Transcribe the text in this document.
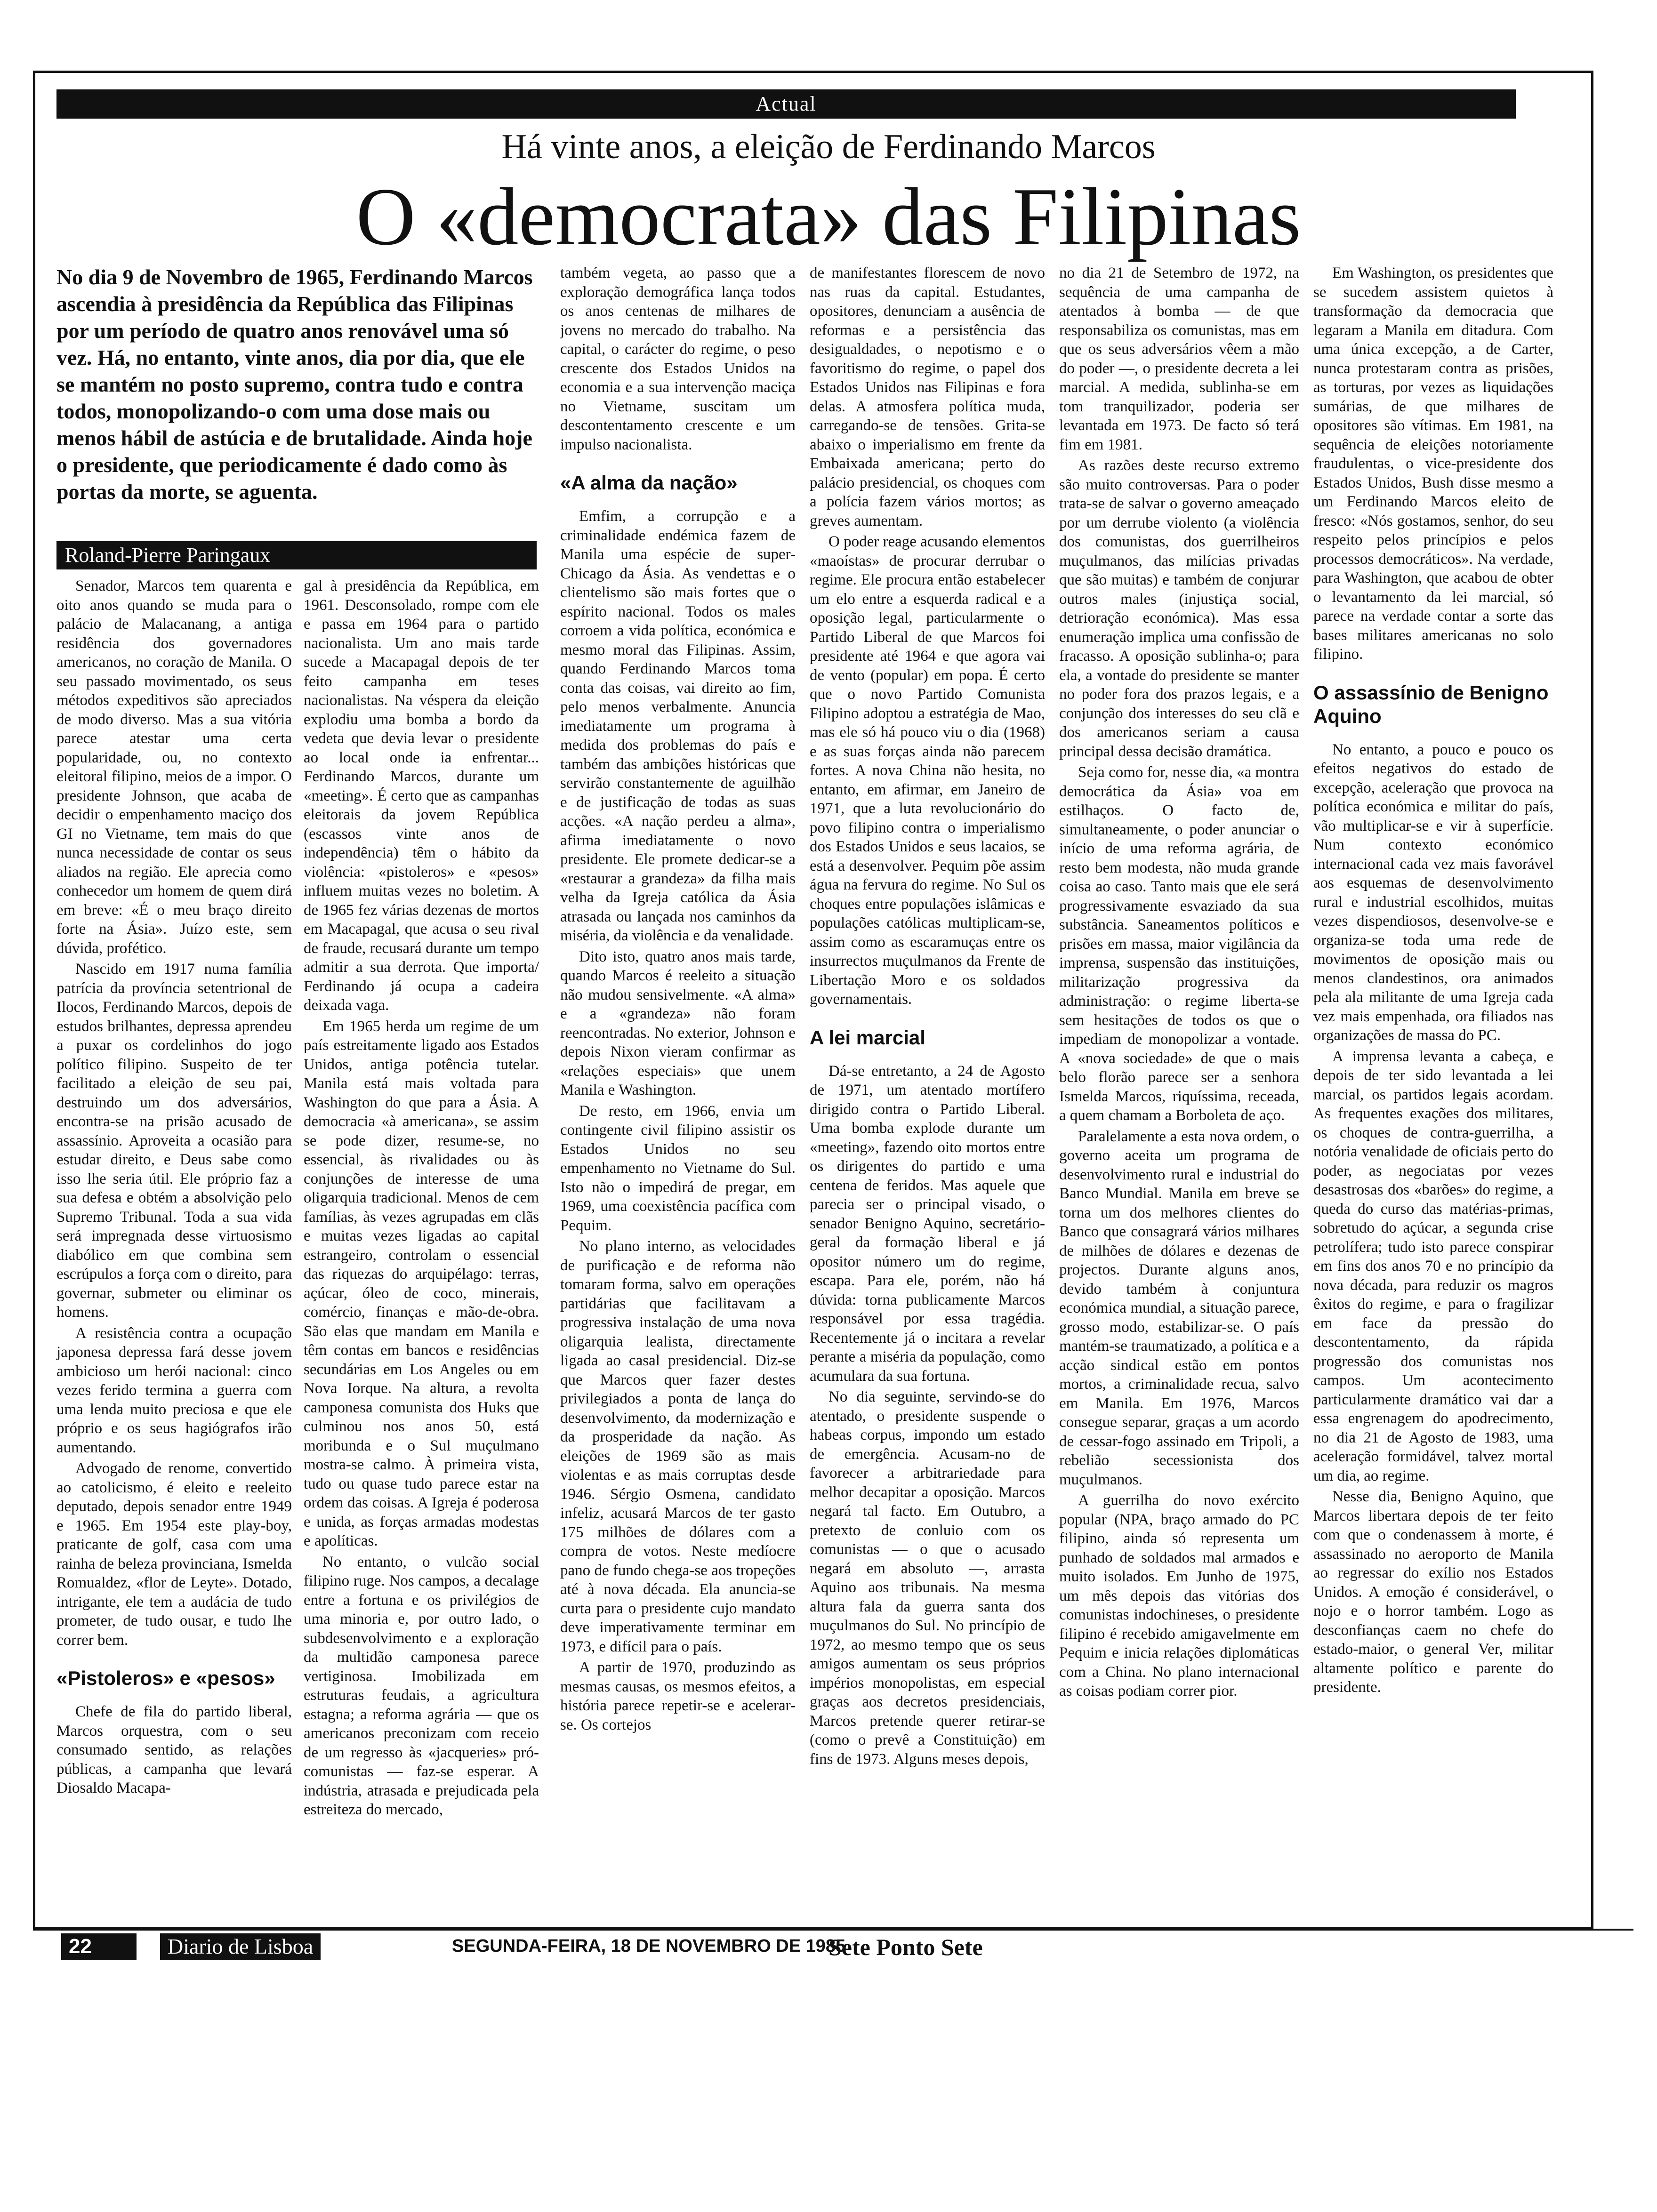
Actual
Há vinte anos, a eleição de Ferdinando Marcos
O «democrata» das Filipinas
No dia 9 de Novembro de 1965, Ferdinando Marcos ascendia à presidência da República das Filipinas por um período de quatro anos renovável uma só vez. Há, no entanto, vinte anos, dia por dia, que ele se mantém no posto supremo, contra tudo e contra todos, monopolizando-o com uma dose mais ou menos hábil de astúcia e de brutalidade. Ainda hoje o presidente, que periodicamente é dado como às portas da morte, se aguenta.
Roland-Pierre Paringaux

Senador, Marcos tem quarenta e oito anos quando se muda para o palácio de Malacanang, a antiga residência dos governadores americanos, no coração de Manila. O seu passado movimentado, os seus métodos expeditivos são apreciados de modo diverso. Mas a sua vitória parece atestar uma certa popularidade, ou, no contexto eleitoral filipino, meios de a impor. O presidente Johnson, que acaba de decidir o empenhamento maciço dos GI no Vietname, tem mais do que nunca necessidade de contar os seus aliados na região. Ele aprecia como conhecedor um homem de quem dirá em breve: «É o meu braço direito forte na Ásia». Juízo este, sem dúvida, profético.

Nascido em 1917 numa família patrícia da província setentrional de Ilocos, Ferdinando Marcos, depois de estudos brilhantes, depressa aprendeu a puxar os cordelinhos do jogo político filipino. Suspeito de ter facilitado a eleição de seu pai, destruindo um dos adversários, encontra-se na prisão acusado de assassínio. Aproveita a ocasião para estudar direito, e Deus sabe como isso lhe seria útil. Ele próprio faz a sua defesa e obtém a absolvição pelo Supremo Tribunal. Toda a sua vida será impregnada desse virtuosismo diabólico em que combina sem escrúpulos a força com o direito, para governar, submeter ou eliminar os homens.

A resistência contra a ocupação japonesa depressa fará desse jovem ambicioso um herói nacional: cinco vezes ferido termina a guerra com uma lenda muito preciosa e que ele próprio e os seus hagiógrafos irão aumentando.

Advogado de renome, convertido ao catolicismo, é eleito e reeleito deputado, depois senador entre 1949 e 1965. Em 1954 este play-boy, praticante de golf, casa com uma rainha de beleza provinciana, Ismelda Romualdez, «flor de Leyte». Dotado, intrigante, ele tem a audácia de tudo prometer, de tudo ousar, e tudo lhe correr bem.

«Pistoleros» e «pesos»

Chefe de fila do partido liberal, Marcos orquestra, com o seu consumado sentido, as relações públicas, a campanha que levará Diosaldo Macapa-

gal à presidência da República, em 1961. Desconsolado, rompe com ele e passa em 1964 para o partido nacionalista. Um ano mais tarde sucede a Macapagal depois de ter feito campanha em teses nacionalistas. Na véspera da eleição explodiu uma bomba a bordo da vedeta que devia levar o presidente ao local onde ia enfrentar... Ferdinando Marcos, durante um «meeting». É certo que as campanhas eleitorais da jovem República (escassos vinte anos de independência) têm o hábito da violência: «pistoleros» e «pesos» influem muitas vezes no boletim. A de 1965 fez várias dezenas de mortos em Macapagal, que acusa o seu rival de fraude, recusará durante um tempo admitir a sua derrota. Que importa/ Ferdinando já ocupa a cadeira deixada vaga.

Em 1965 herda um regime de um país estreitamente ligado aos Estados Unidos, antiga potência tutelar. Manila está mais voltada para Washington do que para a Ásia. A democracia «à americana», se assim se pode dizer, resume-se, no essencial, às rivalidades ou às conjunções de interesse de uma oligarquia tradicional. Menos de cem famílias, às vezes agrupadas em clãs e muitas vezes ligadas ao capital estrangeiro, controlam o essencial das riquezas do arquipélago: terras, açúcar, óleo de coco, minerais, comércio, finanças e mão-de-obra. São elas que mandam em Manila e têm contas em bancos e residências secundárias em Los Angeles ou em Nova Iorque. Na altura, a revolta camponesa comunista dos Huks que culminou nos anos 50, está moribunda e o Sul muçulmano mostra-se calmo. À primeira vista, tudo ou quase tudo parece estar na ordem das coisas. A Igreja é poderosa e unida, as forças armadas modestas e apolíticas.

No entanto, o vulcão social filipino ruge. Nos campos, a decalage entre a fortuna e os privilégios de uma minoria e, por outro lado, o subdesenvolvimento e a exploração da multidão camponesa parece vertiginosa. Imobilizada em estruturas feudais, a agricultura estagna; a reforma agrária — que os americanos preconizam com receio de um regresso às «jacqueries» pró-comunistas — faz-se esperar. A indústria, atrasada e prejudicada pela estreiteza do mercado,

também vegeta, ao passo que a exploração demográfica lança todos os anos centenas de milhares de jovens no mercado do trabalho. Na capital, o carácter do regime, o peso crescente dos Estados Unidos na economia e a sua intervenção maciça no Vietname, suscitam um descontentamento crescente e um impulso nacionalista.

«A alma da nação»

Emfim, a corrupção e a criminalidade endémica fazem de Manila uma espécie de super-Chicago da Ásia. As vendettas e o clientelismo são mais fortes que o espírito nacional. Todos os males corroem a vida política, económica e mesmo moral das Filipinas. Assim, quando Ferdinando Marcos toma conta das coisas, vai direito ao fim, pelo menos verbalmente. Anuncia imediatamente um programa à medida dos problemas do país e também das ambições históricas que servirão constantemente de aguilhão e de justificação de todas as suas acções. «A nação perdeu a alma», afirma imediatamente o novo presidente. Ele promete dedicar-se a «restaurar a grandeza» da filha mais velha da Igreja católica da Ásia atrasada ou lançada nos caminhos da miséria, da violência e da venalidade.

Dito isto, quatro anos mais tarde, quando Marcos é reeleito a situação não mudou sensivelmente. «A alma» e a «grandeza» não foram reencontradas. No exterior, Johnson e depois Nixon vieram confirmar as «relações especiais» que unem Manila e Washington.

De resto, em 1966, envia um contingente civil filipino assistir os Estados Unidos no seu empenhamento no Vietname do Sul. Isto não o impedirá de pregar, em 1969, uma coexistência pacífica com Pequim.

No plano interno, as velocidades de purificação e de reforma não tomaram forma, salvo em operações partidárias que facilitavam a progressiva instalação de uma nova oligarquia lealista, directamente ligada ao casal presidencial. Diz-se que Marcos quer fazer destes privilegiados a ponta de lança do desenvolvimento, da modernização e da prosperidade da nação. As eleições de 1969 são as mais violentas e as mais corruptas desde 1946. Sérgio Osmena, candidato infeliz, acusará Marcos de ter gasto 175 milhões de dólares com a compra de votos. Neste medíocre pano de fundo chega-se aos tropeções até à nova década. Ela anuncia-se curta para o presidente cujo mandato deve imperativamente terminar em 1973, e difícil para o país.

A partir de 1970, produzindo as mesmas causas, os mesmos efeitos, a história parece repetir-se e acelerar-se. Os cortejos

de manifestantes florescem de novo nas ruas da capital. Estudantes, opositores, denunciam a ausência de reformas e a persistência das desigualdades, o nepotismo e o favoritismo do regime, o papel dos Estados Unidos nas Filipinas e fora delas. A atmosfera política muda, carregando-se de tensões. Grita-se abaixo o imperialismo em frente da Embaixada americana; perto do palácio presidencial, os choques com a polícia fazem vários mortos; as greves aumentam.

O poder reage acusando elementos «maoístas» de procurar derrubar o regime. Ele procura então estabelecer um elo entre a esquerda radical e a oposição legal, particularmente o Partido Liberal de que Marcos foi presidente até 1964 e que agora vai de vento (popular) em popa. É certo que o novo Partido Comunista Filipino adoptou a estratégia de Mao, mas ele só há pouco viu o dia (1968) e as suas forças ainda não parecem fortes. A nova China não hesita, no entanto, em afirmar, em Janeiro de 1971, que a luta revolucionário do povo filipino contra o imperialismo dos Estados Unidos e seus lacaios, se está a desenvolver. Pequim põe assim água na fervura do regime. No Sul os choques entre populações islâmicas e populações católicas multiplicam-se, assim como as escaramuças entre os insurrectos muçulmanos da Frente de Libertação Moro e os soldados governamentais.

A lei marcial

Dá-se entretanto, a 24 de Agosto de 1971, um atentado mortífero dirigido contra o Partido Liberal. Uma bomba explode durante um «meeting», fazendo oito mortos entre os dirigentes do partido e uma centena de feridos. Mas aquele que parecia ser o principal visado, o senador Benigno Aquino, secretário-geral da formação liberal e já opositor número um do regime, escapa. Para ele, porém, não há dúvida: torna publicamente Marcos responsável por essa tragédia. Recentemente já o incitara a revelar perante a miséria da população, como acumulara da sua fortuna.

No dia seguinte, servindo-se do atentado, o presidente suspende o habeas corpus, impondo um estado de emergência. Acusam-no de favorecer a arbitrariedade para melhor decapitar a oposição. Marcos negará tal facto. Em Outubro, a pretexto de conluio com os comunistas — o que o acusado negará em absoluto —, arrasta Aquino aos tribunais. Na mesma altura fala da guerra santa dos muçulmanos do Sul. No princípio de 1972, ao mesmo tempo que os seus amigos aumentam os seus próprios impérios monopolistas, em especial graças aos decretos presidenciais, Marcos pretende querer retirar-se (como o prevê a Constituição) em fins de 1973. Alguns meses depois,

no dia 21 de Setembro de 1972, na sequência de uma campanha de atentados à bomba — de que responsabiliza os comunistas, mas em que os seus adversários vêem a mão do poder —, o presidente decreta a lei marcial. A medida, sublinha-se em tom tranquilizador, poderia ser levantada em 1973. De facto só terá fim em 1981.

As razões deste recurso extremo são muito controversas. Para o poder trata-se de salvar o governo ameaçado por um derrube violento (a violência dos comunistas, dos guerrilheiros muçulmanos, das milícias privadas que são muitas) e também de conjurar outros males (injustiça social, detrioração económica). Mas essa enumeração implica uma confissão de fracasso. A oposição sublinha-o; para ela, a vontade do presidente se manter no poder fora dos prazos legais, e a conjunção dos interesses do seu clã e dos americanos seriam a causa principal dessa decisão dramática.

Seja como for, nesse dia, «a montra democrática da Ásia» voa em estilhaços. O facto de, simultaneamente, o poder anunciar o início de uma reforma agrária, de resto bem modesta, não muda grande coisa ao caso. Tanto mais que ele será progressivamente esvaziado da sua substância. Saneamentos políticos e prisões em massa, maior vigilância da imprensa, suspensão das instituições, militarização progressiva da administração: o regime liberta-se sem hesitações de todos os que o impediam de monopolizar a vontade. A «nova sociedade» de que o mais belo florão parece ser a senhora Ismelda Marcos, riquíssima, receada, a quem chamam a Borboleta de aço.

Paralelamente a esta nova ordem, o governo aceita um programa de desenvolvimento rural e industrial do Banco Mundial. Manila em breve se torna um dos melhores clientes do Banco que consagrará vários milhares de milhões de dólares e dezenas de projectos. Durante alguns anos, devido também à conjuntura económica mundial, a situação parece, grosso modo, estabilizar-se. O país mantém-se traumatizado, a política e a acção sindical estão em pontos mortos, a criminalidade recua, salvo em Manila. Em 1976, Marcos consegue separar, graças a um acordo de cessar-fogo assinado em Tripoli, a rebelião secessionista dos muçulmanos.

A guerrilha do novo exército popular (NPA, braço armado do PC filipino, ainda só representa um punhado de soldados mal armados e muito isolados. Em Junho de 1975, um mês depois das vitórias dos comunistas indochineses, o presidente filipino é recebido amigavelmente em Pequim e inicia relações diplomáticas com a China. No plano internacional as coisas podiam correr pior.

Em Washington, os presidentes que se sucedem assistem quietos à transformação da democracia que legaram a Manila em ditadura. Com uma única excepção, a de Carter, nunca protestaram contra as prisões, as torturas, por vezes as liquidações sumárias, de que milhares de opositores são vítimas. Em 1981, na sequência de eleições notoriamente fraudulentas, o vice-presidente dos Estados Unidos, Bush disse mesmo a um Ferdinando Marcos eleito de fresco: «Nós gostamos, senhor, do seu respeito pelos princípios e pelos processos democráticos». Na verdade, para Washington, que acabou de obter o levantamento da lei marcial, só parece na verdade contar a sorte das bases militares americanas no solo filipino.

O assassínio de Benigno Aquino

No entanto, a pouco e pouco os efeitos negativos do estado de excepção, aceleração que provoca na política económica e militar do país, vão multiplicar-se e vir à superfície. Num contexto económico internacional cada vez mais favorável aos esquemas de desenvolvimento rural e industrial escolhidos, muitas vezes dispendiosos, desenvolve-se e organiza-se toda uma rede de movimentos de oposição mais ou menos clandestinos, ora animados pela ala militante de uma Igreja cada vez mais empenhada, ora filiados nas organizações de massa do PC.

A imprensa levanta a cabeça, e depois de ter sido levantada a lei marcial, os partidos legais acordam. As frequentes exações dos militares, os choques de contra-guerrilha, a notória venalidade de oficiais perto do poder, as negociatas por vezes desastrosas dos «barões» do regime, a queda do curso das matérias-primas, sobretudo do açúcar, a segunda crise petrolífera; tudo isto parece conspirar em fins dos anos 70 e no princípio da nova década, para reduzir os magros êxitos do regime, e para o fragilizar em face da pressão do descontentamento, da rápida progressão dos comunistas nos campos. Um acontecimento particularmente dramático vai dar a essa engrenagem do apodrecimento, no dia 21 de Agosto de 1983, uma aceleração formidável, talvez mortal um dia, ao regime.

Nesse dia, Benigno Aquino, que Marcos libertara depois de ter feito com que o condenassem à morte, é assassinado no aeroporto de Manila ao regressar do exílio nos Estados Unidos. A emoção é considerável, o nojo e o horror também. Logo as desconfianças caem no chefe do estado-maior, o general Ver, militar altamente político e parente do presidente.

22	Diario de Lisboa	SEGUNDA-FEIRA, 18 DE NOVEMBRO DE 1985
Sete Ponto Sete
